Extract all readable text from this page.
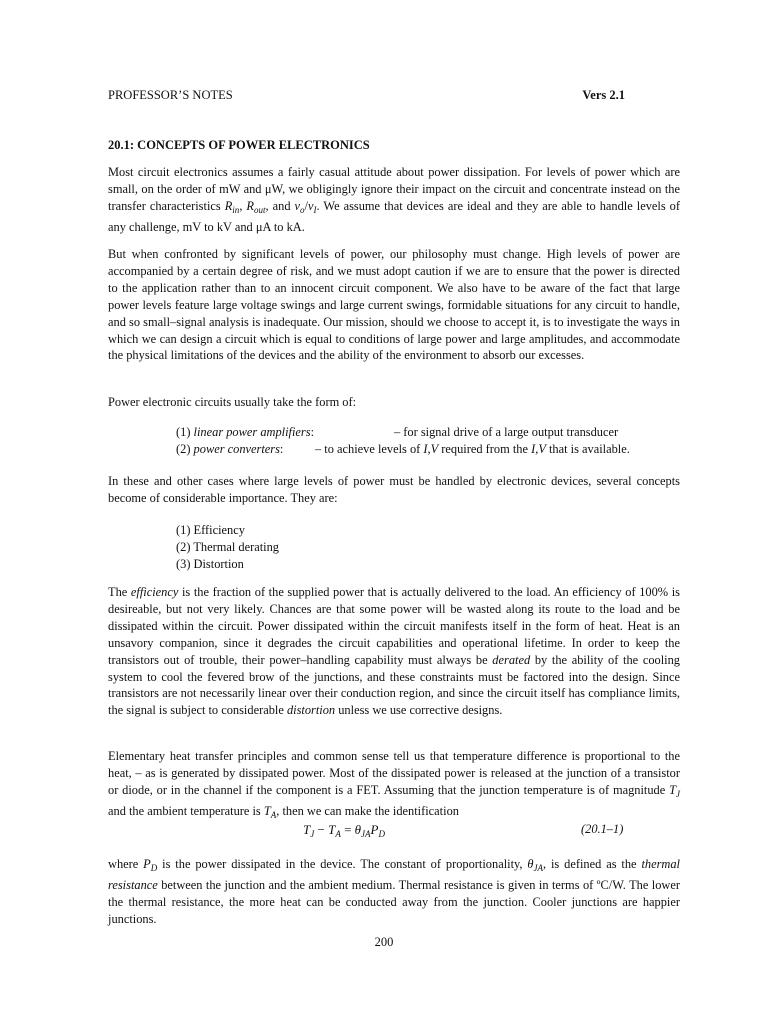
PROFESSOR’S NOTES	Vers 2.1
20.1: CONCEPTS OF POWER ELECTRONICS

Most circuit electronics assumes a fairly casual attitude about power dissipation. For levels of power which are small, on the order of mW and μW, we obligingly ignore their impact on the circuit and concentrate instead on the transfer characteristics $R_{in}$, $R_{out}$, and $v_o/v_I$. We assume that devices are ideal and they are able to handle levels of any challenge, mV to kV and μA to kA.

But when confronted by significant levels of power, our philosophy must change. High levels of power are accompanied by a certain degree of risk, and we must adopt caution if we are to ensure that the power is directed to the application rather than to an innocent circuit component. We also have to be aware of the fact that large power levels feature large voltage swings and large current swings, formidable situations for any circuit to handle, and so small–signal analysis is inadequate. Our mission, should we choose to accept it, is to investigate the ways in which we can design a circuit which is equal to conditions of large power and large amplitudes, and accommodate the physical limitations of the devices and the ability of the environment to absorb our excesses.

Power electronic circuits usually take the form of:

(1) linear power amplifiers:	– for signal drive of a large output transducer
(2) power converters:	– to achieve levels of I,V required from the I,V that is available.

In these and other cases where large levels of power must be handled by electronic devices, several concepts become of considerable importance. They are:

(1) Efficiency
(2) Thermal derating
(3) Distortion

The efficiency is the fraction of the supplied power that is actually delivered to the load. An efficiency of 100% is desireable, but not very likely. Chances are that some power will be wasted along its route to the load and be dissipated within the circuit. Power dissipated within the circuit manifests itself in the form of heat. Heat is an unsavory companion, since it degrades the circuit capabilities and operational lifetime. In order to keep the transistors out of trouble, their power–handling capability must always be derated by the ability of the cooling system to cool the fevered brow of the junctions, and these constraints must be factored into the design. Since transistors are not necessarily linear over their conduction region, and since the circuit itself has compliance limits, the signal is subject to considerable distortion unless we use corrective designs.

Elementary heat transfer principles and common sense tell us that temperature difference is proportional to the heat, – as is generated by dissipated power. Most of the dissipated power is released at the junction of a transistor or diode, or in the channel if the component is a FET. Assuming that the junction temperature is of magnitude $T_J$ and the ambient temperature is $T_A$, then we can make the identification

$T_J - T_A = \theta_{JA}P_D$	(20.1–1)

where $P_D$ is the power dissipated in the device. The constant of proportionality, $\theta_{JA}$, is defined as the thermal resistance between the junction and the ambient medium. Thermal resistance is given in terms of ºC/W. The lower the thermal resistance, the more heat can be conducted away from the junction. Cooler junctions are happier junctions.

200
